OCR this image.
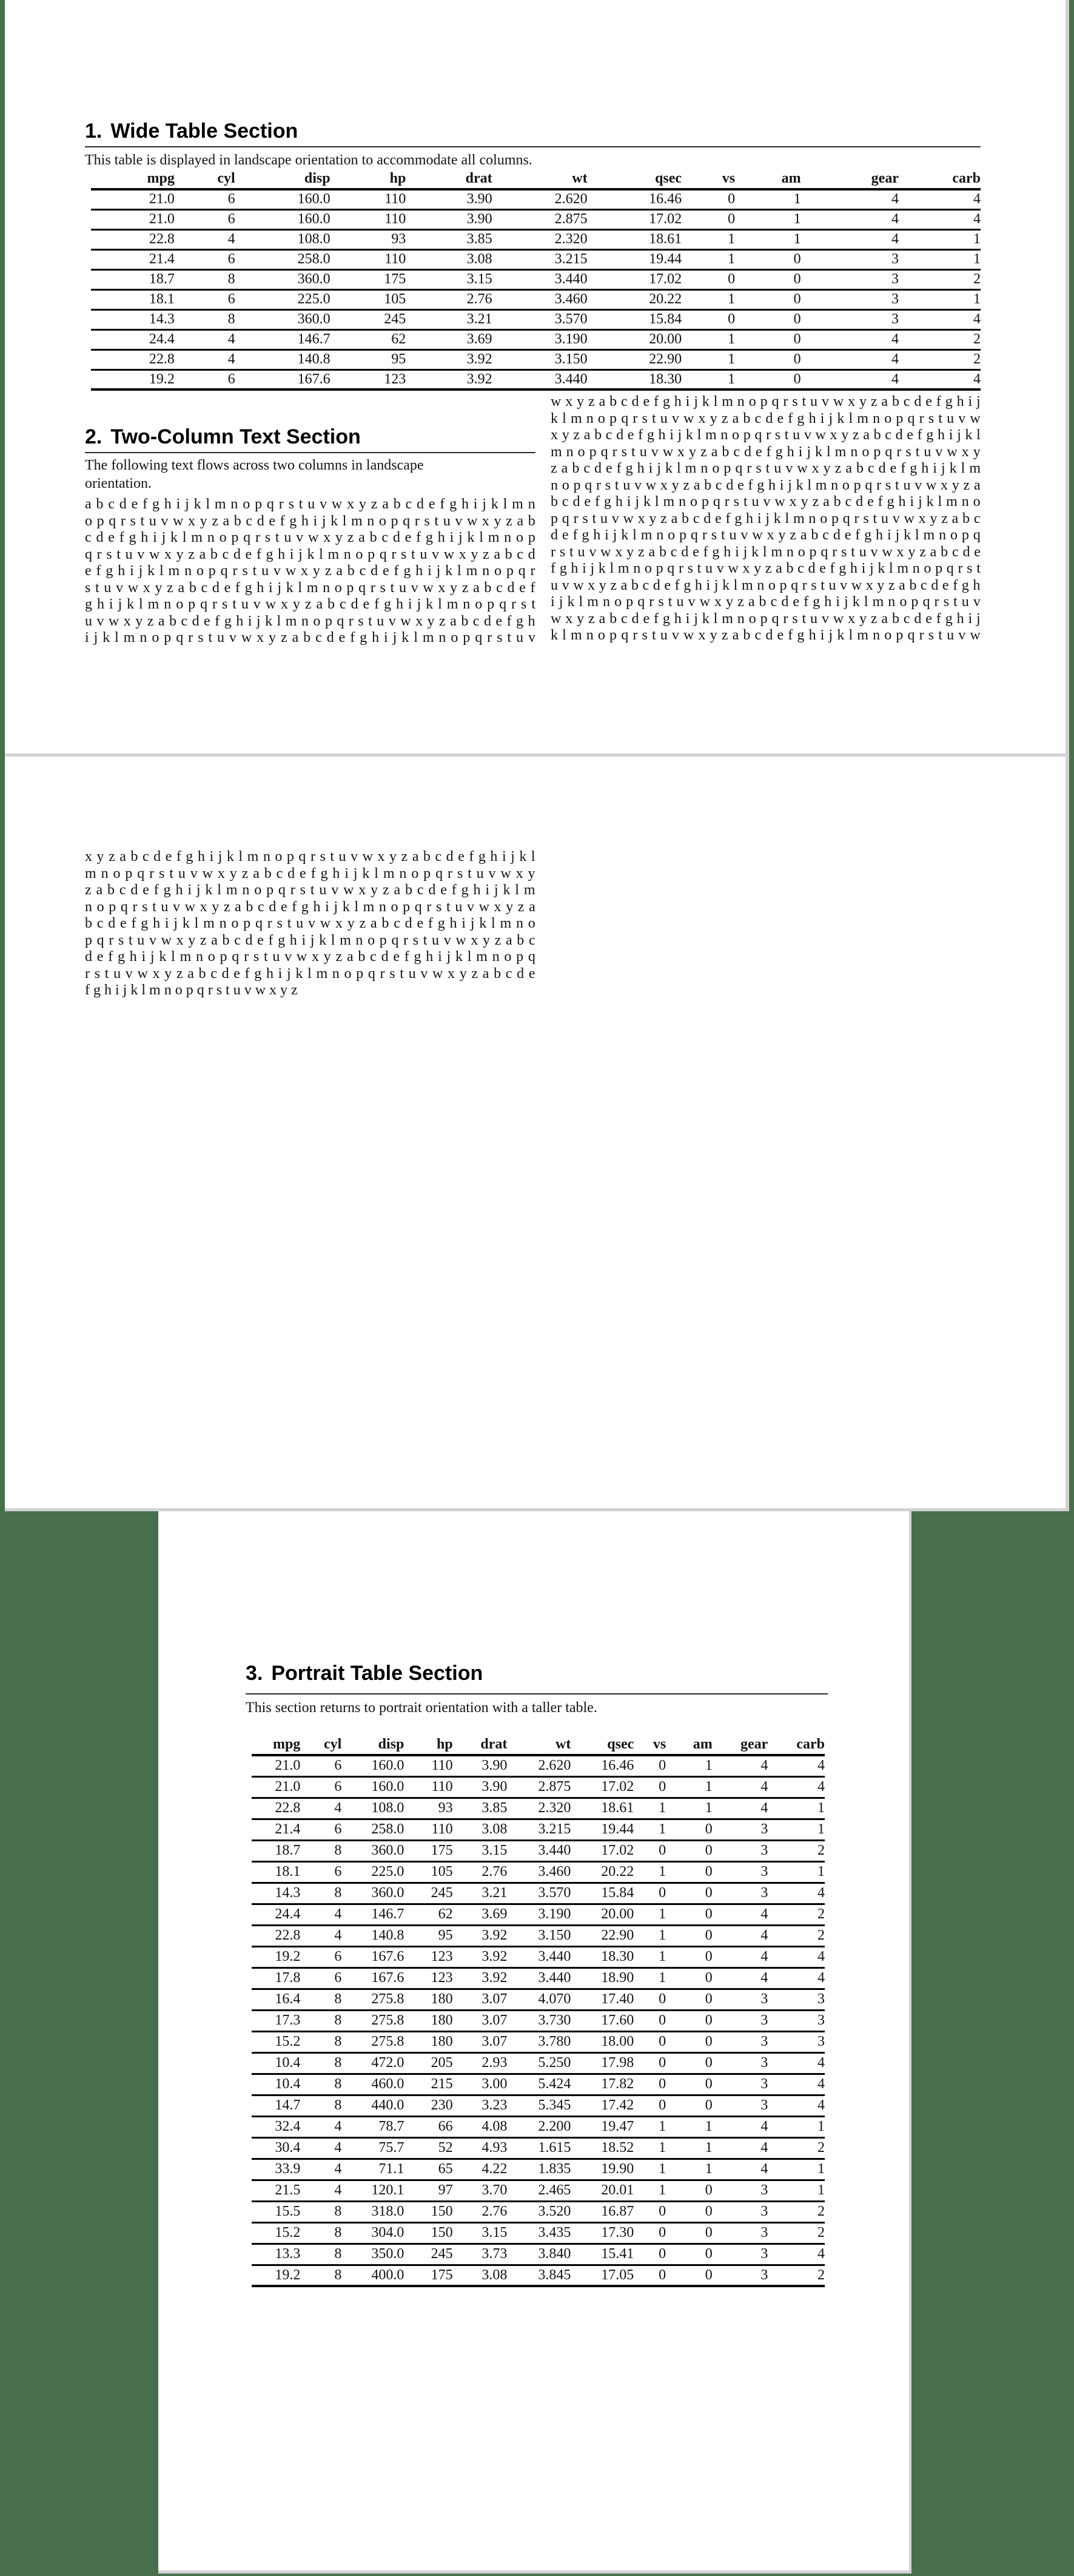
1. Wide Table Section
This table is displayed in landscape orientation to accommodate all columns.
mpg	cyl	disp	hp	drat	wt	qsec	vs	am	gear	carb
21.0	6	160.0	110	3.90	2.620	16.46	0	1	4	4
21.0	6	160.0	110	3.90	2.875	17.02	0	1	4	4
22.8	4	108.0	93	3.85	2.320	18.61	1	1	4	1
21.4	6	258.0	110	3.08	3.215	19.44	1	0	3	1
18.7	8	360.0	175	3.15	3.440	17.02	0	0	3	2
18.1	6	225.0	105	2.76	3.460	20.22	1	0	3	1
14.3	8	360.0	245	3.21	3.570	15.84	0	0	3	4
24.4	4	146.7	62	3.69	3.190	20.00	1	0	4	2
22.8	4	140.8	95	3.92	3.150	22.90	1	0	4	2
19.2	6	167.6	123	3.92	3.440	18.30	1	0	4	4
2. Two-Column Text Section
The following text flows across two columns in landscape
orientation.
a b c d e f g h i j k l m n o p q r s t u v w x y z a b c d e f g h i j k l m n
o p q r s t u v w x y z a b c d e f g h i j k l m n o p q r s t u v w x y z a b
c d e f g h i j k l m n o p q r s t u v w x y z a b c d e f g h i j k l m n o p
q r s t u v w x y z a b c d e f g h i j k l m n o p q r s t u v w x y z a b c d
e f g h i j k l m n o p q r s t u v w x y z a b c d e f g h i j k l m n o p q r
s t u v w x y z a b c d e f g h i j k l m n o p q r s t u v w x y z a b c d e f
g h i j k l m n o p q r s t u v w x y z a b c d e f g h i j k l m n o p q r s t
u v w x y z a b c d e f g h i j k l m n o p q r s t u v w x y z a b c d e f g h
i j k l m n o p q r s t u v w x y z a b c d e f g h i j k l m n o p q r s t u v
w x y z a b c d e f g h i j k l m n o p q r s t u v w x y z a b c d e f g h i j
k l m n o p q r s t u v w x y z a b c d e f g h i j k l m n o p q r s t u v w
x y z a b c d e f g h i j k l m n o p q r s t u v w x y z a b c d e f g h i j k l
m n o p q r s t u v w x y z a b c d e f g h i j k l m n o p q r s t u v w x y
z a b c d e f g h i j k l m n o p q r s t u v w x y z a b c d e f g h i j k l m
n o p q r s t u v w x y z a b c d e f g h i j k l m n o p q r s t u v w x y z a
b c d e f g h i j k l m n o p q r s t u v w x y z a b c d e f g h i j k l m n o
p q r s t u v w x y z a b c d e f g h i j k l m n o p q r s t u v w x y z a b c
d e f g h i j k l m n o p q r s t u v w x y z a b c d e f g h i j k l m n o p q
r s t u v w x y z a b c d e f g h i j k l m n o p q r s t u v w x y z a b c d e
f g h i j k l m n o p q r s t u v w x y z a b c d e f g h i j k l m n o p q r s t
u v w x y z a b c d e f g h i j k l m n o p q r s t u v w x y z a b c d e f g h
i j k l m n o p q r s t u v w x y z a b c d e f g h i j k l m n o p q r s t u v
w x y z a b c d e f g h i j k l m n o p q r s t u v w x y z a b c d e f g h i j
k l m n o p q r s t u v w x y z a b c d e f g h i j k l m n o p q r s t u v w
x y z a b c d e f g h i j k l m n o p q r s t u v w x y z a b c d e f g h i j k l
m n o p q r s t u v w x y z a b c d e f g h i j k l m n o p q r s t u v w x y
z a b c d e f g h i j k l m n o p q r s t u v w x y z a b c d e f g h i j k l m
n o p q r s t u v w x y z a b c d e f g h i j k l m n o p q r s t u v w x y z a
b c d e f g h i j k l m n o p q r s t u v w x y z a b c d e f g h i j k l m n o
p q r s t u v w x y z a b c d e f g h i j k l m n o p q r s t u v w x y z a b c
d e f g h i j k l m n o p q r s t u v w x y z a b c d e f g h i j k l m n o p q
r s t u v w x y z a b c d e f g h i j k l m n o p q r s t u v w x y z a b c d e
f g h i j k l m n o p q r s t u v w x y z
3. Portrait Table Section
This section returns to portrait orientation with a taller table.
mpg	cyl	disp	hp	drat	wt	qsec	vs	am	gear	carb
21.0	6	160.0	110	3.90	2.620	16.46	0	1	4	4
21.0	6	160.0	110	3.90	2.875	17.02	0	1	4	4
22.8	4	108.0	93	3.85	2.320	18.61	1	1	4	1
21.4	6	258.0	110	3.08	3.215	19.44	1	0	3	1
18.7	8	360.0	175	3.15	3.440	17.02	0	0	3	2
18.1	6	225.0	105	2.76	3.460	20.22	1	0	3	1
14.3	8	360.0	245	3.21	3.570	15.84	0	0	3	4
24.4	4	146.7	62	3.69	3.190	20.00	1	0	4	2
22.8	4	140.8	95	3.92	3.150	22.90	1	0	4	2
19.2	6	167.6	123	3.92	3.440	18.30	1	0	4	4
17.8	6	167.6	123	3.92	3.440	18.90	1	0	4	4
16.4	8	275.8	180	3.07	4.070	17.40	0	0	3	3
17.3	8	275.8	180	3.07	3.730	17.60	0	0	3	3
15.2	8	275.8	180	3.07	3.780	18.00	0	0	3	3
10.4	8	472.0	205	2.93	5.250	17.98	0	0	3	4
10.4	8	460.0	215	3.00	5.424	17.82	0	0	3	4
14.7	8	440.0	230	3.23	5.345	17.42	0	0	3	4
32.4	4	78.7	66	4.08	2.200	19.47	1	1	4	1
30.4	4	75.7	52	4.93	1.615	18.52	1	1	4	2
33.9	4	71.1	65	4.22	1.835	19.90	1	1	4	1
21.5	4	120.1	97	3.70	2.465	20.01	1	0	3	1
15.5	8	318.0	150	2.76	3.520	16.87	0	0	3	2
15.2	8	304.0	150	3.15	3.435	17.30	0	0	3	2
13.3	8	350.0	245	3.73	3.840	15.41	0	0	3	4
19.2	8	400.0	175	3.08	3.845	17.05	0	0	3	2
